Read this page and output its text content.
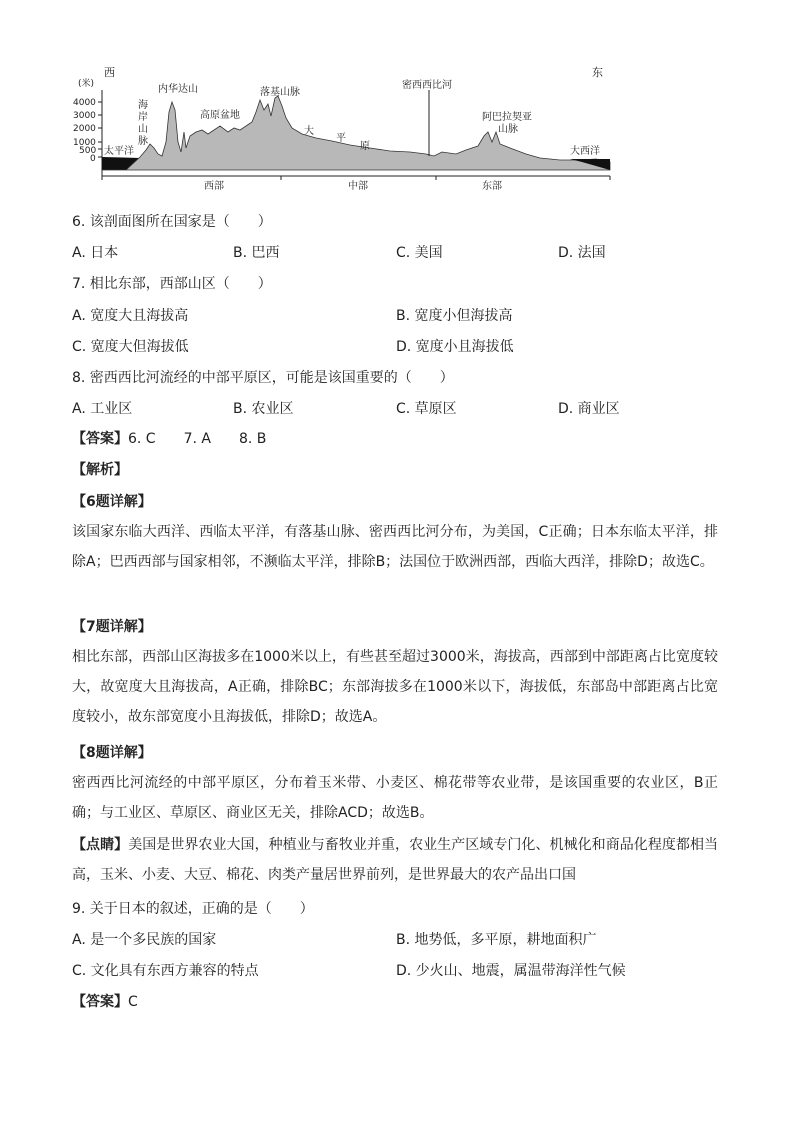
西	东
(米)
4000
3000
2000
1000
500
0
太平洋
海
岸
山
脉
内华达山
高原盆地
落基山脉
大
平
原
密西西比河
阿巴拉契亚
山脉
大西洋
西部	中部	东部
6. 该剖面图所在国家是（　　）
A. 日本	B. 巴西	C. 美国	D. 法国
7. 相比东部，西部山区（　　）
A. 宽度大且海拔高	B. 宽度小但海拔高
C. 宽度大但海拔低	D. 宽度小且海拔低
8. 密西西比河流经的中部平原区，可能是该国重要的（　　）
A. 工业区	B. 农业区	C. 草原区	D. 商业区
【答案】6. C　　7. A　　8. B
【解析】
【6题详解】
该国家东临大西洋、西临太平洋，有落基山脉、密西西比河分布，为美国，C正确；日本东临太平洋，排除A；巴西西部与国家相邻，不濒临太平洋，排除B；法国位于欧洲西部，西临大西洋，排除D；故选C。
【7题详解】
相比东部，西部山区海拔多在1000米以上，有些甚至超过3000米，海拔高，西部到中部距离占比宽度较大，故宽度大且海拔高，A正确，排除BC；东部海拔多在1000米以下，海拔低，东部岛中部距离占比宽度较小，故东部宽度小且海拔低，排除D；故选A。
【8题详解】
密西西比河流经的中部平原区，分布着玉米带、小麦区、棉花带等农业带，是该国重要的农业区，B正确；与工业区、草原区、商业区无关，排除ACD；故选B。
【点睛】美国是世界农业大国，种植业与畜牧业并重，农业生产区域专门化、机械化和商品化程度都相当高，玉米、小麦、大豆、棉花、肉类产量居世界前列，是世界最大的农产品出口国
9. 关于日本的叙述，正确的是（　　）
A. 是一个多民族的国家	B. 地势低，多平原，耕地面积广
C. 文化具有东西方兼容的特点	D. 少火山、地震，属温带海洋性气候
【答案】C
